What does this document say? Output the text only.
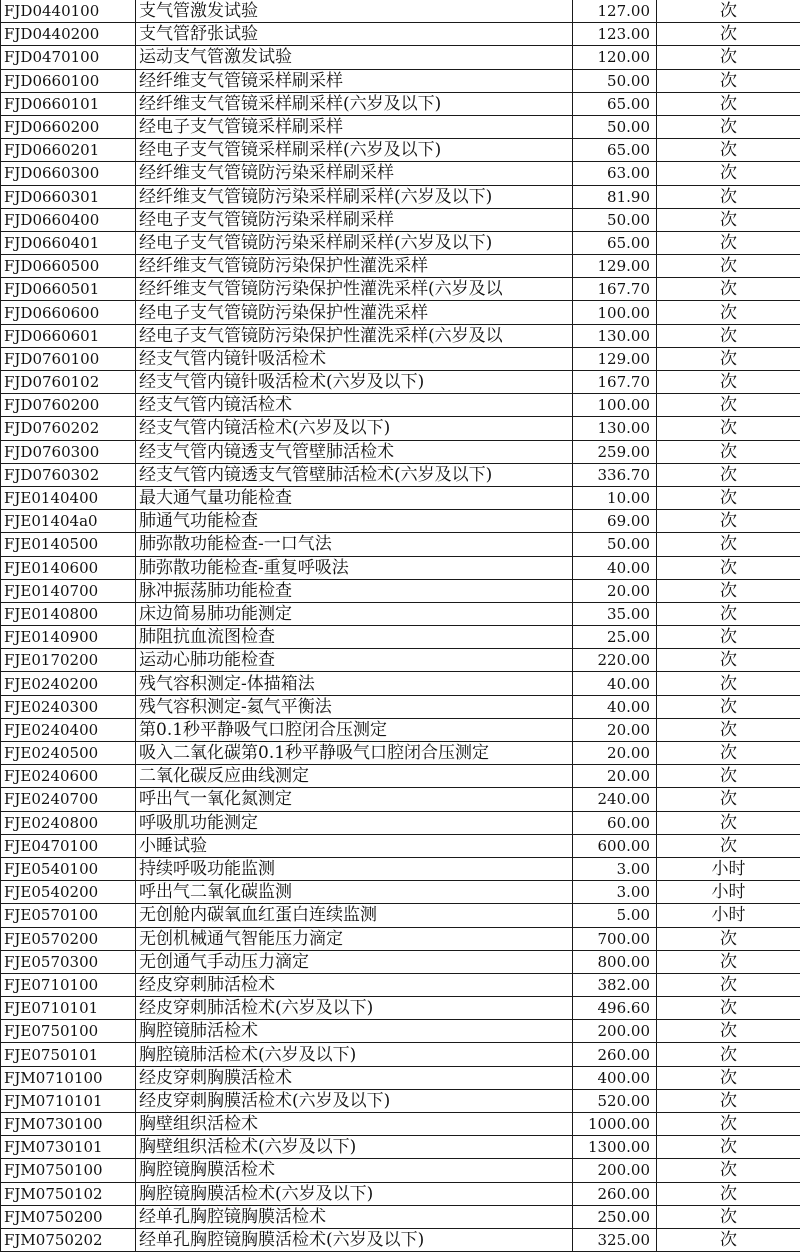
FJD0440100	支气管激发试验	127.00	次
FJD0440200	支气管舒张试验	123.00	次
FJD0470100	运动支气管激发试验	120.00	次
FJD0660100	经纤维支气管镜采样刷采样	50.00	次
FJD0660101	经纤维支气管镜采样刷采样(六岁及以下)	65.00	次
FJD0660200	经电子支气管镜采样刷采样	50.00	次
FJD0660201	经电子支气管镜采样刷采样(六岁及以下)	65.00	次
FJD0660300	经纤维支气管镜防污染采样刷采样	63.00	次
FJD0660301	经纤维支气管镜防污染采样刷采样(六岁及以下)	81.90	次
FJD0660400	经电子支气管镜防污染采样刷采样	50.00	次
FJD0660401	经电子支气管镜防污染采样刷采样(六岁及以下)	65.00	次
FJD0660500	经纤维支气管镜防污染保护性灌洗采样	129.00	次
FJD0660501	经纤维支气管镜防污染保护性灌洗采样(六岁及以	167.70	次
FJD0660600	经电子支气管镜防污染保护性灌洗采样	100.00	次
FJD0660601	经电子支气管镜防污染保护性灌洗采样(六岁及以	130.00	次
FJD0760100	经支气管内镜针吸活检术	129.00	次
FJD0760102	经支气管内镜针吸活检术(六岁及以下)	167.70	次
FJD0760200	经支气管内镜活检术	100.00	次
FJD0760202	经支气管内镜活检术(六岁及以下)	130.00	次
FJD0760300	经支气管内镜透支气管壁肺活检术	259.00	次
FJD0760302	经支气管内镜透支气管壁肺活检术(六岁及以下)	336.70	次
FJE0140400	最大通气量功能检查	10.00	次
FJE01404a0	肺通气功能检查	69.00	次
FJE0140500	肺弥散功能检查-一口气法	50.00	次
FJE0140600	肺弥散功能检查-重复呼吸法	40.00	次
FJE0140700	脉冲振荡肺功能检查	20.00	次
FJE0140800	床边简易肺功能测定	35.00	次
FJE0140900	肺阻抗血流图检查	25.00	次
FJE0170200	运动心肺功能检查	220.00	次
FJE0240200	残气容积测定-体描箱法	40.00	次
FJE0240300	残气容积测定-氦气平衡法	40.00	次
FJE0240400	第0.1秒平静吸气口腔闭合压测定	20.00	次
FJE0240500	吸入二氧化碳第0.1秒平静吸气口腔闭合压测定	20.00	次
FJE0240600	二氧化碳反应曲线测定	20.00	次
FJE0240700	呼出气一氧化氮测定	240.00	次
FJE0240800	呼吸肌功能测定	60.00	次
FJE0470100	小睡试验	600.00	次
FJE0540100	持续呼吸功能监测	3.00	小时
FJE0540200	呼出气二氧化碳监测	3.00	小时
FJE0570100	无创舱内碳氧血红蛋白连续监测	5.00	小时
FJE0570200	无创机械通气智能压力滴定	700.00	次
FJE0570300	无创通气手动压力滴定	800.00	次
FJE0710100	经皮穿刺肺活检术	382.00	次
FJE0710101	经皮穿刺肺活检术(六岁及以下)	496.60	次
FJE0750100	胸腔镜肺活检术	200.00	次
FJE0750101	胸腔镜肺活检术(六岁及以下)	260.00	次
FJM0710100	经皮穿刺胸膜活检术	400.00	次
FJM0710101	经皮穿刺胸膜活检术(六岁及以下)	520.00	次
FJM0730100	胸壁组织活检术	1000.00	次
FJM0730101	胸壁组织活检术(六岁及以下)	1300.00	次
FJM0750100	胸腔镜胸膜活检术	200.00	次
FJM0750102	胸腔镜胸膜活检术(六岁及以下)	260.00	次
FJM0750200	经单孔胸腔镜胸膜活检术	250.00	次
FJM0750202	经单孔胸腔镜胸膜活检术(六岁及以下)	325.00	次
